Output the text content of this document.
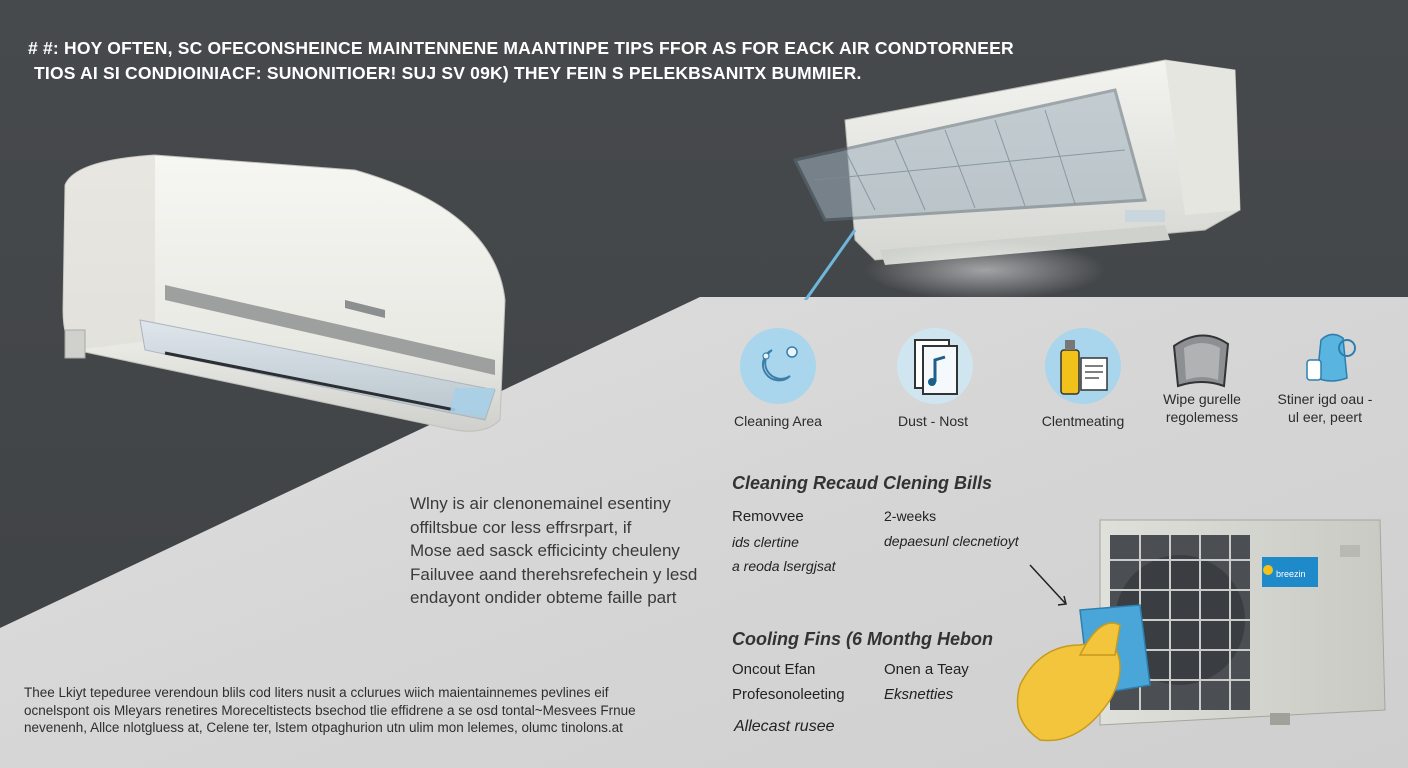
# #: HOY OFTEN, SC OFECONSHEINCE MAINTENNENE MAANTINPE TIPS FFOR AS FOR EACK AIR CONDTORNEER
TIOS AI SI CONDIOINIACF: SUNONITIOER! SUJ SV 09K) THEY FEIN S PELEKBSANITX BUMMIER.
Cleaning Area	Dust - Nost	Clentmeating
Wipe gurelle
regolemess
Stiner igd oau -
ul eer, peert
Wlny is air clenonemainel esentiny
offiltsbue cor less effrsrpart, if
Mose aed sasck efficicinty cheuleny
Failuvee aand therehsrefechein y lesd
endayont ondider obteme faille part
Cleaning Recaud Clening Bills
Removvee	2-weeks
ids clertine	depaesunl clecnetioyt
a reoda lsergjsat
Cooling Fins (6 Monthg Hebon
Oncout Efan	Onen a Teay
Profesonoleeting	Eksnetties
Allecast rusee
breezin
Thee Lkiyt tepeduree verendoun blils cod liters nusit a cclurues wiich maientainnemes pevlines eif
ocnelspont ois Mleyars renetires Moreceltistects bsechod tlie effidrene a se osd tontal~Mesvees Frnue
nevenenh, Allce nlotgluess at, Celene ter, lstem otpaghurion utn ulim mon lelemes, olumc tinolons.at
